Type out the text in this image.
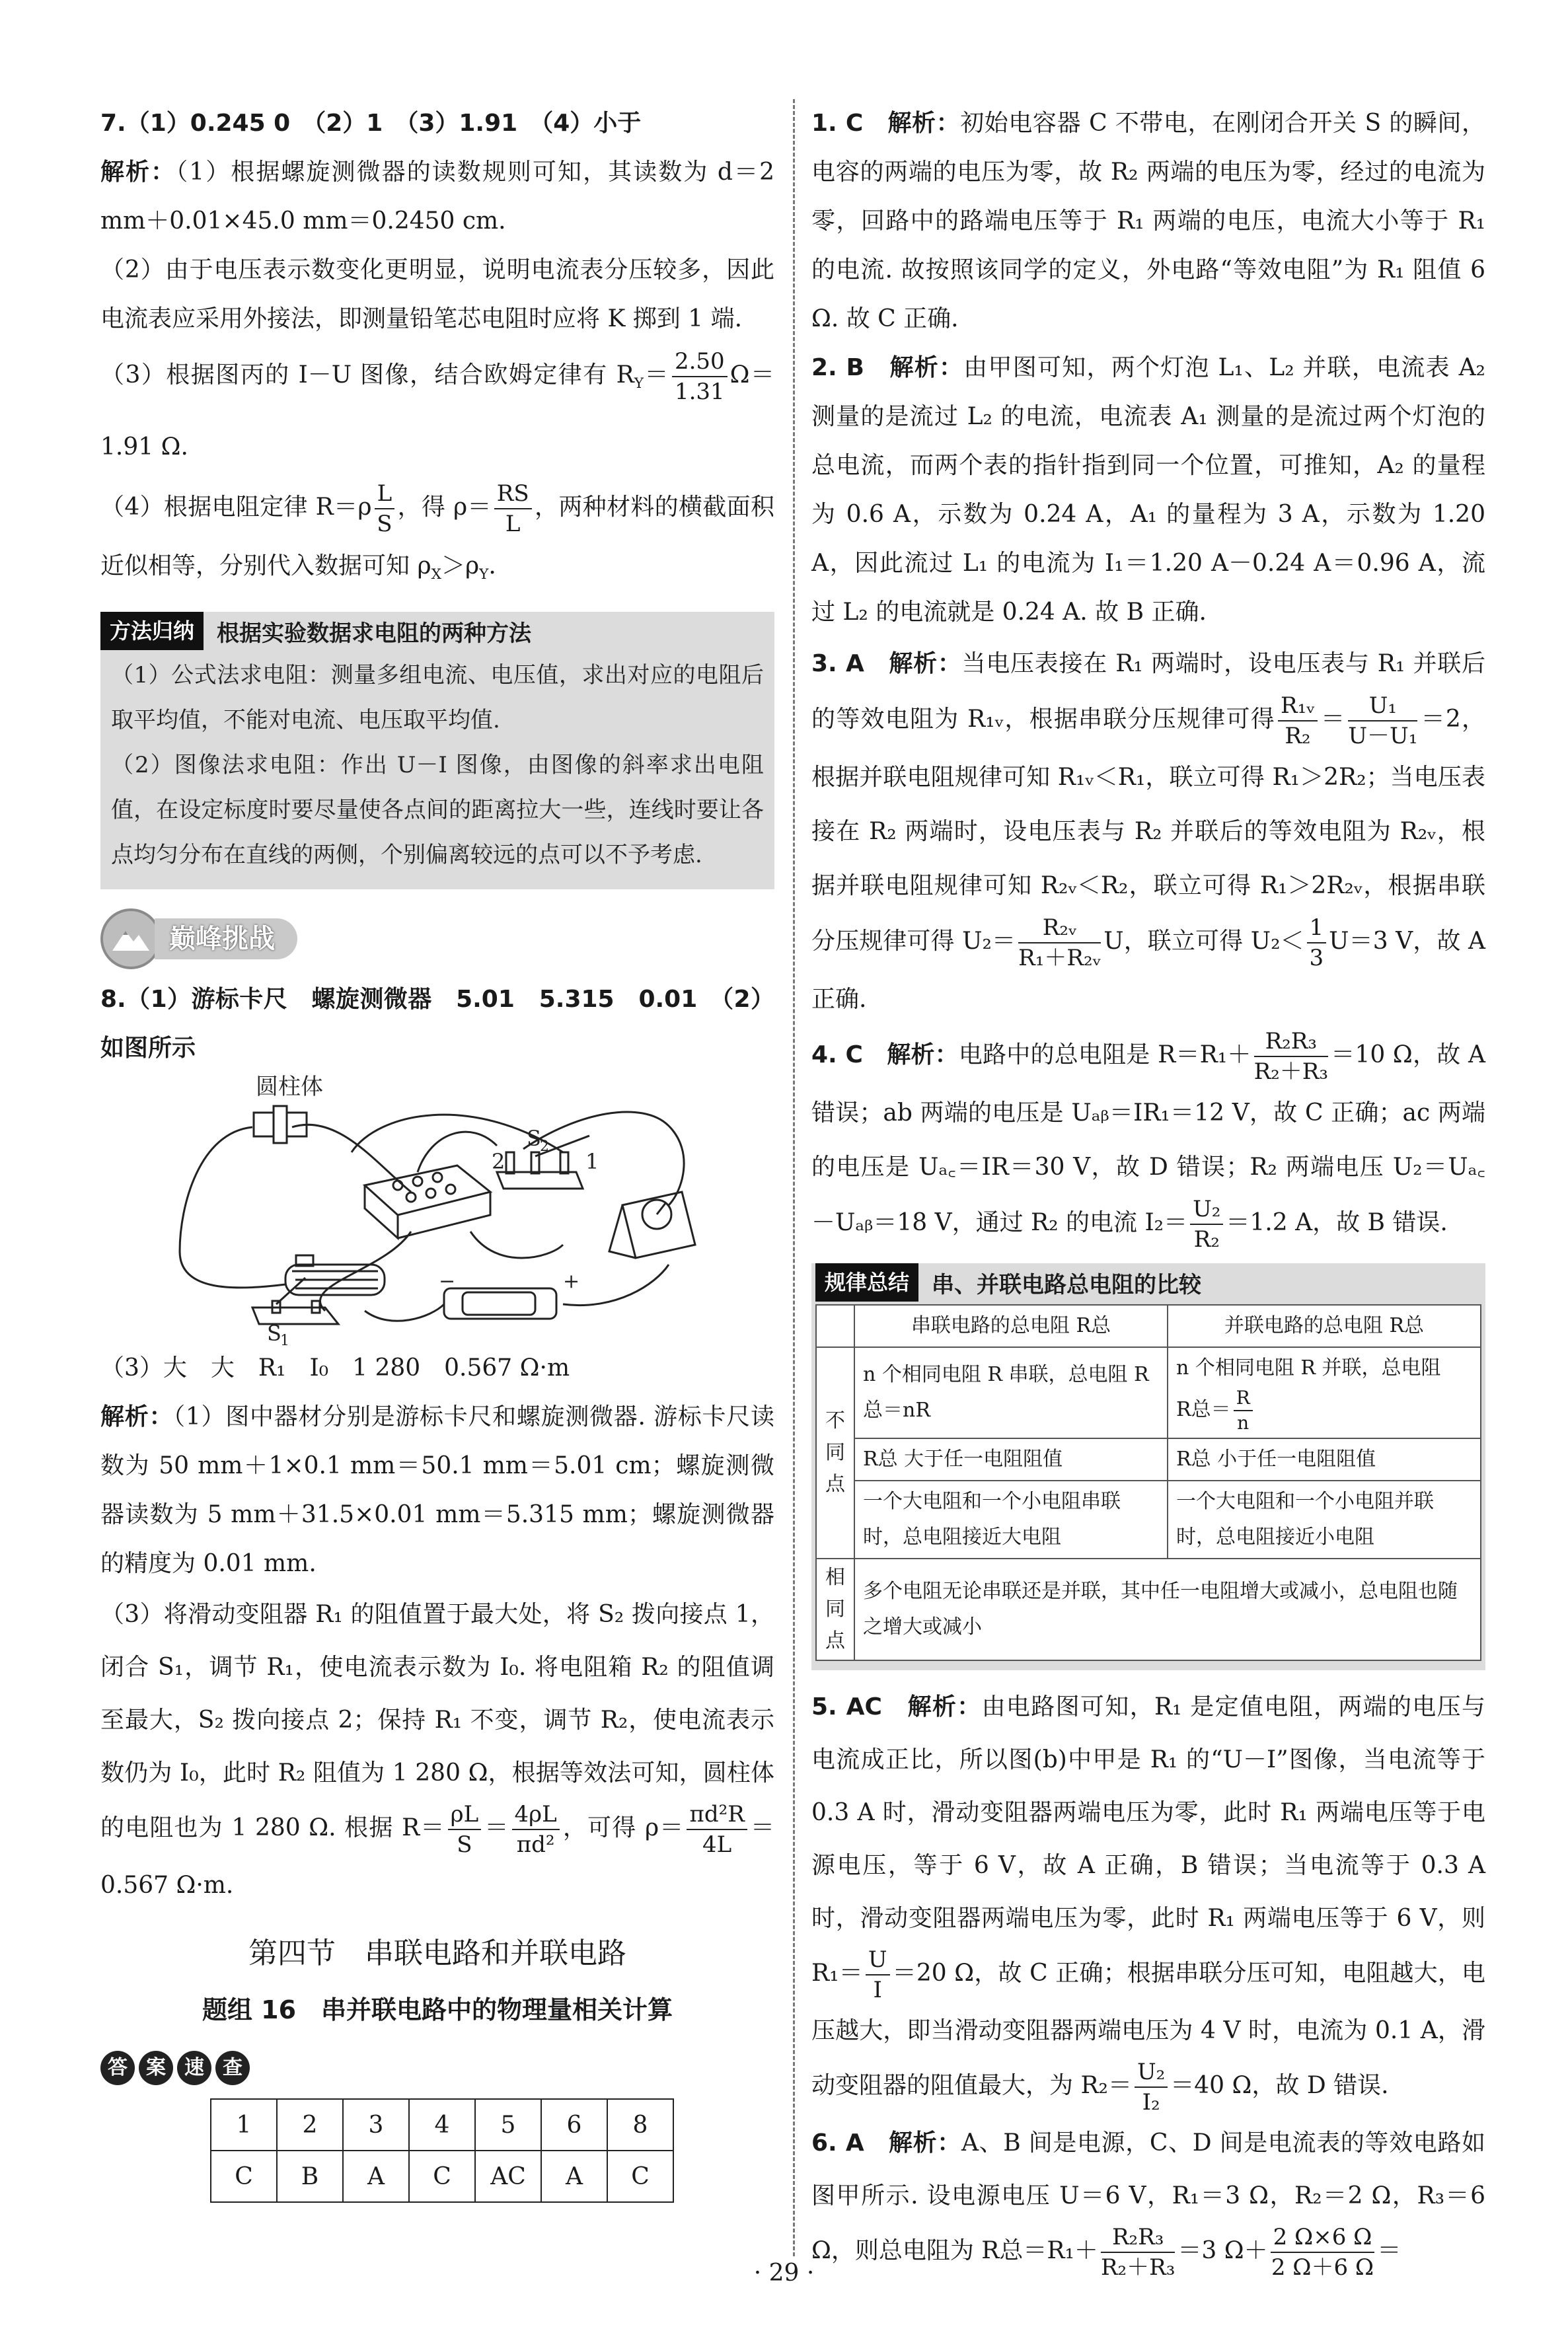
7.（1）0.245 0　（2）1　（3）1.91　（4）小于

解析：（1）根据螺旋测微器的读数规则可知，其读数为 d＝2 mm＋0.01×45.0 mm＝0.2450 cm.

（2）由于电压表示数变化更明显，说明电流表分压较多，因此电流表应采用外接法，即测量铅笔芯电阻时应将 K 掷到 1 端.

（3）根据图丙的 I－U 图像，结合欧姆定律有 $R_Y= \frac{2.50}{1.31} \Omega=1.91$ Ω.

（4）根据电阻定律 $R=\rho \frac{L}{S}$ ，得 $\rho= \frac{RS}{L}$ ，两种材料的横截面积近似相等，分别代入数据可知 $\rho_X>\rho_Y$.

方法归纳	根据实验数据求电阻的两种方法

（1）公式法求电阻：测量多组电流、电压值，求出对应的电阻后取平均值，不能对电流、电压取平均值.

（2）图像法求电阻：作出 U－I 图像，由图像的斜率求出电阻值，在设定标度时要尽量使各点间的距离拉大一些，连线时要让各点均匀分布在直线的两侧，个别偏离较远的点可以不予考虑.

巅峰挑战

8.（1）游标卡尺　螺旋测微器　5.01　5.315　0.01　（2）如图所示

圆柱体
S
2
2	1
−	+
S
1

（3）大　大　R₁　I₀　1 280　0.567 Ω·m

解析：（1）图中器材分别是游标卡尺和螺旋测微器. 游标卡尺读数为 50 mm＋1×0.1 mm＝50.1 mm＝5.01 cm；螺旋测微器读数为 5 mm＋31.5×0.01 mm＝5.315 mm；螺旋测微器的精度为 0.01 mm.

（3）将滑动变阻器 R₁ 的阻值置于最大处，将 S₂ 拨向接点 1，闭合 S₁，调节 R₁，使电流表示数为 I₀. 将电阻箱 R₂ 的阻值调至最大，S₂ 拨向接点 2；保持 R₁ 不变，调节 R₂，使电流表示数仍为 I₀，此时 R₂ 阻值为 1 280 Ω，根据等效法可知，圆柱体的电阻也为 1 280 Ω. 根据 $R= \frac{\rho L}{S} = \frac{4\rho L}{\text{πd²}}$ ，可得 $\rho= \frac{\text{πd²R}}{4L} =0.567$ Ω·m.

第四节　串联电路和并联电路
题组 16　串并联电路中的物理量相关计算
答 案 速 查
1	2	3	4	5	6	8
C	B	A	C	AC	A	C

1. C　解析：初始电容器 C 不带电，在刚闭合开关 S 的瞬间，电容的两端的电压为零，故 R₂ 两端的电压为零，经过的电流为零，回路中的路端电压等于 R₁ 两端的电压，电流大小等于 R₁ 的电流. 故按照该同学的定义，外电路“等效电阻”为 R₁ 阻值 6 Ω. 故 C 正确.

2. B　解析：由甲图可知，两个灯泡 L₁、L₂ 并联，电流表 A₂ 测量的是流过 L₂ 的电流，电流表 A₁ 测量的是流过两个灯泡的总电流，而两个表的指针指到同一个位置，可推知，A₂ 的量程为 0.6 A，示数为 0.24 A，A₁ 的量程为 3 A，示数为 1.20 A，因此流过 L₁ 的电流为 I₁＝1.20 A－0.24 A＝0.96 A，流过 L₂ 的电流就是 0.24 A. 故 B 正确.

3. A　解析：当电压表接在 R₁ 两端时，设电压表与 R₁ 并联后的等效电阻为 R₁ᵥ，根据串联分压规律可得 $\frac{\text{R₁ᵥ}}{\text{R₂}} = \frac{\text{U₁}}{\text{U－U₁}} =2$，根据并联电阻规律可知 R₁ᵥ＜R₁，联立可得 R₁＞2R₂；当电压表接在 R₂ 两端时，设电压表与 R₂ 并联后的等效电阻为 R₂ᵥ，根据并联电阻规律可知 R₂ᵥ＜R₂，联立可得 R₁＞2R₂ᵥ，根据串联分压规律可得 $U_2= \frac{\text{R₂ᵥ}}{\text{R₁＋R₂ᵥ}}$ U，联立可得 $U_2< \frac{1}{3} U=3$ V，故 A 正确.

4. C　解析：电路中的总电阻是 $R=R_1+ \frac{\text{R₂R₃}}{\text{R₂＋R₃}} =10$ Ω，故 A 错误；ab 两端的电压是 Uₐᵦ＝IR₁＝12 V，故 C 正确；ac 两端的电压是 Uₐ꜀＝IR＝30 V，故 D 错误；R₂ 两端电压 U₂＝Uₐ꜀－Uₐᵦ＝18 V，通过 R₂ 的电流 $I_2= \frac{\text{U₂}}{\text{R₂}} =1.2$ A，故 B 错误.

规律总结	串、并联电路总电阻的比较
	串联电路的总电阻 R总	并联电路的总电阻 R总
不同点	n 个相同电阻 R 串联，总电阻 R总＝nR	n 个相同电阻 R 并联，总电阻
R总＝ $\frac{R}{n}$

	R总 大于任一电阻阻值	R总 小于任一电阻阻值
	一个大电阻和一个小电阻串联时，总电阻接近大电阻	一个大电阻和一个小电阻并联时，总电阻接近小电阻
相同点	多个电阻无论串联还是并联，其中任一电阻增大或减小，总电阻也随之增大或减小	

5. AC　解析：由电路图可知，R₁ 是定值电阻，两端的电压与电流成正比，所以图(b)中甲是 R₁ 的“U－I”图像，当电流等于 0.3 A 时，滑动变阻器两端电压为零，此时 R₁ 两端电压等于电源电压，等于 6 V，故 A 正确，B 错误；当电流等于 0.3 A 时，滑动变阻器两端电压为零，此时 R₁ 两端电压等于 6 V，则 $R_1= \frac{U}{I} =20$ Ω，故 C 正确；根据串联分压可知，电阻越大，电压越大，即当滑动变阻器两端电压为 4 V 时，电流为 0.1 A，滑动变阻器的阻值最大，为 $R_2= \frac{\text{U₂}}{\text{I₂}} =40$ Ω，故 D 错误.

6. A　解析：A、B 间是电源，C、D 间是电流表的等效电路如图甲所示. 设电源电压 U＝6 V，R₁＝3 Ω，R₂＝2 Ω，R₃＝6 Ω，则总电阻为 R总$=R_1+ \frac{\text{R₂R₃}}{\text{R₂＋R₃}} =3$ $\Omega+ \frac{2 \Omega\times 6 \Omega}{2 \Omega+6 \Omega}$ ＝

· 29 ·
